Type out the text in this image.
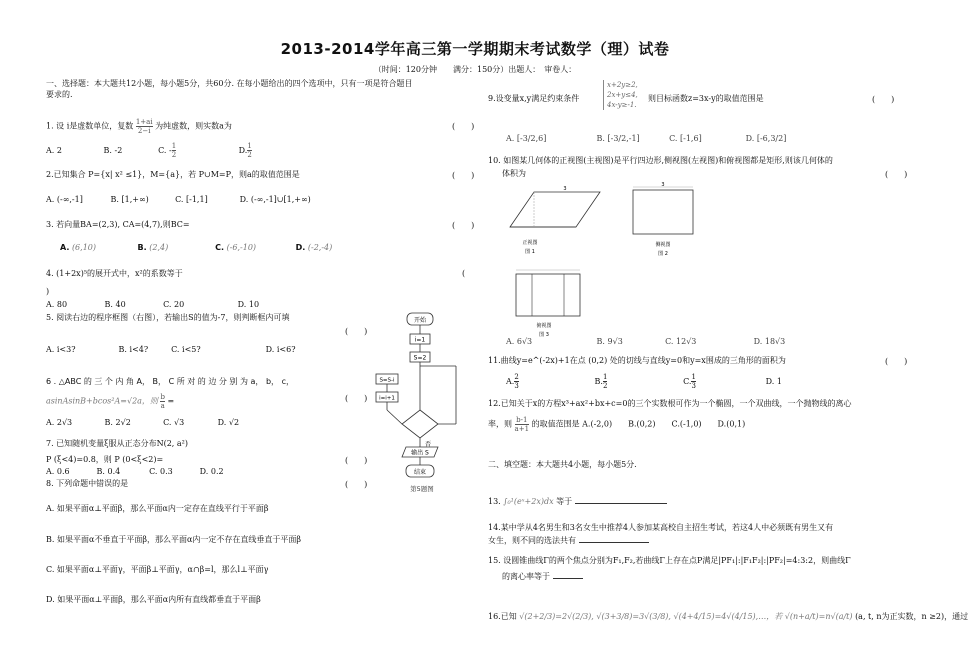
2013-2014学年高三第一学期期末考试数学（理）试卷
（时间：120分钟　　满分：150分）出题人：　审卷人：
一、选择题：本大题共12小题，每小题5分，共60分. 在每小题给出的四个选项中，只有一项是符合题目
要求的.
1. 设 i是虚数单位，复数 $\frac{1+ai}{2-i}$ 为纯虚数，则实数a为	(　　)
A. 2	B. -2	C. - $\frac{1}{2}$	D. $\frac{1}{2}$
2.已知集合 P={x| x² ≤1}，M={a}，若 P∪M=P，则a的取值范围是	(　　)
A. (-∞,-1]	B. [1,+∞)	C. [-1,1]	D. (-∞,-1]∪[1,+∞)
3. 若向量BA=(2,3), CA=(4,7),则BC=	(　　)
A. (6,10)	B. (2,4)	C. (-6,-10)	D. (-2,-4)
4. (1+2x)⁵的展开式中，x²的系数等于	(
)
A. 80	B. 40	C. 20	D. 10
5. 阅读右边的程序框图（右图），若输出S的值为-7，则判断框内可填
(　　)
A. i<3?	B. i<4?	C. i<5?	D. i<6?
6 . △ABC 的 三 个 内 角 A， B， C 所 对 的 边 分 别 为 a， b， c，
asinAsinB+bcos²A=√2a，则 $\frac{b}{a}$ =	(　　)
A. 2√3	B. 2√2	C. √3	D. √2
7. 已知随机变量ξ服从正态分布N(2, a²)
P (ξ<4)=0.8，则 P (0<ξ<2)=	(　　)
A. 0.6	B. 0.4	C. 0.3	D. 0.2
8. 下列命题中错误的是	(　　)
A. 如果平面α⊥平面β，那么平面α内一定存在直线平行于平面β
B. 如果平面α不垂直于平面β，那么平面α内一定不存在直线垂直于平面β
C. 如果平面α⊥平面γ，平面β⊥平面γ，α∩β=l，那么l⊥平面γ
D. 如果平面α⊥平面β，那么平面α内所有直线都垂直于平面β
开始
i=1
S=2
S=S-i
i=i+1
否
输出 S
结束
第5题图
9.设变量x,y满足约束条件
x+2y≥2,
2x+y≤4,
4x-y≥-1.
则目标函数z=3x-y的取值范围是	(　　)
A. [-3/2,6]	B. [-3/2,-1]	C. [-1,6]	D. [-6,3/2]
10. 如图某几何体的正视图(主视图)是平行四边形,侧视图(左视图)和俯视图都是矩形,则该几何体的
体积为	(　　)
3
正视图
图 1
3
侧视图
图 2
俯视图
图 3
A. 6√3	B. 9√3	C. 12√3	D. 18√3
11.曲线y=e^(-2x)+1在点 (0,2) 处的切线与直线y=0和y=x围成的三角形的面积为	(　　)
A. $\frac{2}{3}$	B. $\frac{1}{2}$	C. $\frac{1}{3}$	D. 1
12.已知关于x的方程x³+ax²+bx+c=0的三个实数根可作为一个椭圆，一个双曲线，一个抛物线的离心
率，则 $\frac{b-1}{a+1}$ 的取值范围是 A.(-2,0)　　B.(0,2)　　C.(-1,0)　　D.(0,1)
二、填空题：本大题共4小题，每小题5分.
13. ∫₀¹(eˣ+2x)dx 等于
14.某中学从4名男生和3名女生中推荐4人参加某高校自主招生考试，若这4人中必须既有男生又有
女生，则不同的选法共有
15. 设圆锥曲线Γ的两个焦点分别为F₁,F₂,若曲线Γ上存在点P满足|PF₁|:|F₁F₂|:|PF₂|=4:3:2，则曲线Γ
的离心率等于
16.已知 √(2+2/3)=2√(2/3), √(3+3/8)=3√(3/8), √(4+4/15)=4√(4/15),…，若 √(n+a/t)=n√(a/t) (a, t, n为正实数，n ≥2)，通过
